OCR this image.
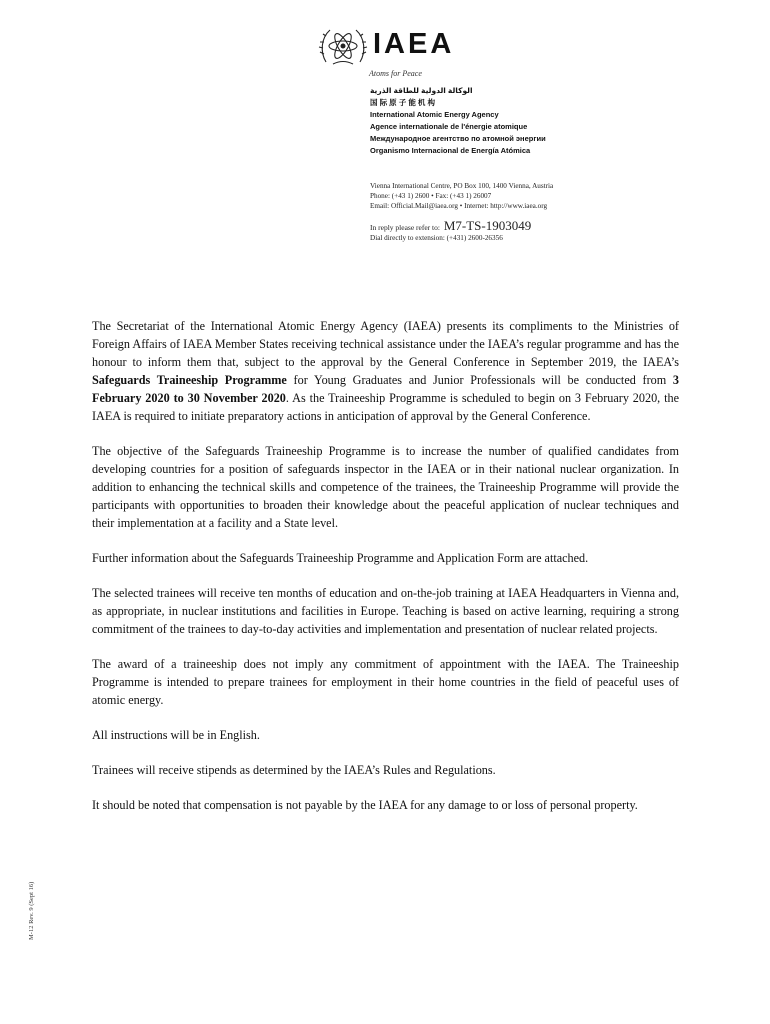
IAEA
Atoms for Peace
الوكالة الدولية للطاقة الذرية
国 际 原 子 能 机 构
International Atomic Energy Agency
Agence internationale de l'énergie atomique
Международное агентство по атомной энергии
Organismo Internacional de Energía Atómica
Vienna International Centre, PO Box 100, 1400 Vienna, Austria
Phone: (+43 1) 2600 • Fax: (+43 1) 26007
Email: Official.Mail@iaea.org • Internet: http://www.iaea.org
In reply please refer to: M7-TS-1903049
Dial directly to extension: (+431) 2600-26356

The Secretariat of the International Atomic Energy Agency (IAEA) presents its compliments to the Ministries of Foreign Affairs of IAEA Member States receiving technical assistance under the IAEA’s regular programme and has the honour to inform them that, subject to the approval by the General Conference in September 2019, the IAEA’s Safeguards Traineeship Programme for Young Graduates and Junior Professionals will be conducted from 3 February 2020 to 30 November 2020. As the Traineeship Programme is scheduled to begin on 3 February 2020, the IAEA is required to initiate preparatory actions in anticipation of approval by the General Conference.

The objective of the Safeguards Traineeship Programme is to increase the number of qualified candidates from developing countries for a position of safeguards inspector in the IAEA or in their national nuclear organization. In addition to enhancing the technical skills and competence of the trainees, the Traineeship Programme will provide the participants with opportunities to broaden their knowledge about the peaceful application of nuclear techniques and their implementation at a facility and a State level.

Further information about the Safeguards Traineeship Programme and Application Form are attached.

The selected trainees will receive ten months of education and on-the-job training at IAEA Headquarters in Vienna and, as appropriate, in nuclear institutions and facilities in Europe. Teaching is based on active learning, requiring a strong commitment of the trainees to day-to-day activities and implementation and presentation of nuclear related projects.

The award of a traineeship does not imply any commitment of appointment with the IAEA. The Traineeship Programme is intended to prepare trainees for employment in their home countries in the field of peaceful uses of atomic energy.

All instructions will be in English.

Trainees will receive stipends as determined by the IAEA’s Rules and Regulations.

It should be noted that compensation is not payable by the IAEA for any damage to or loss of personal property.

M-12 Rev. 9 (Sept 16)
